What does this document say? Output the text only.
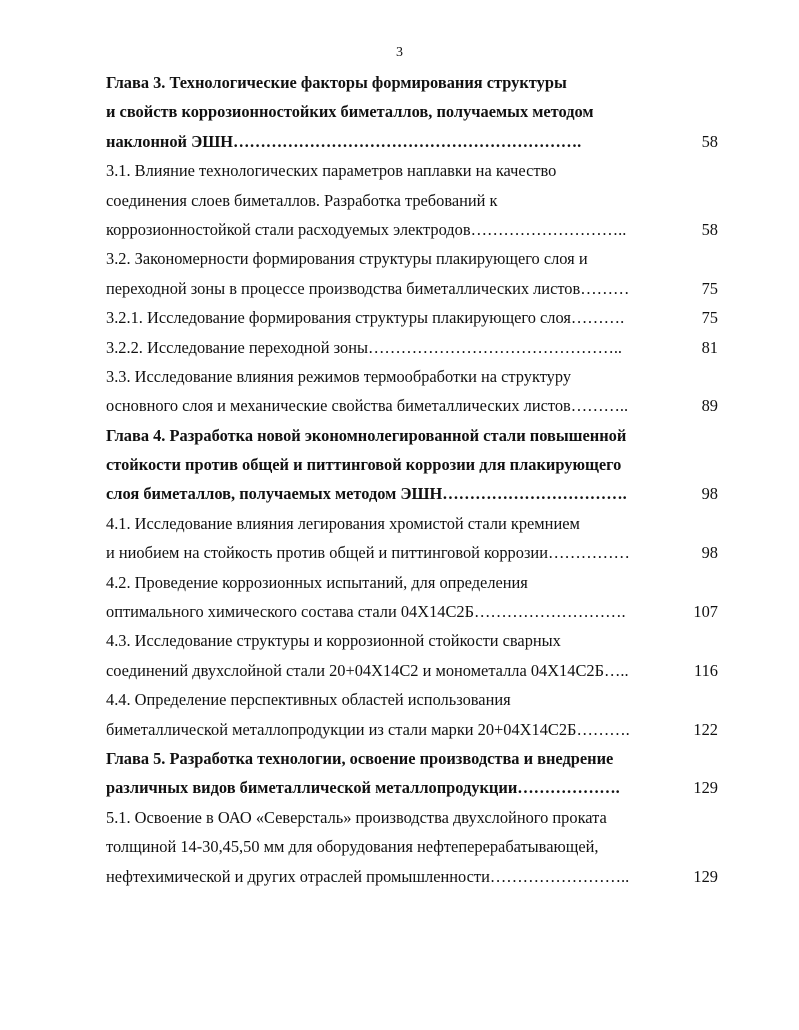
3
Глава 3. Технологические факторы формирования структуры
и свойств коррозионностойких биметаллов, получаемых методом
наклонной ЭШН……………………………………………………….	58
3.1. Влияние технологических параметров наплавки на качество
соединения слоев биметаллов. Разработка требований к
коррозионностойкой стали расходуемых электродов………………………..	58
3.2. Закономерности формирования структуры плакирующего слоя и
переходной зоны в процессе производства биметаллических листов………	75
3.2.1. Исследование формирования структуры плакирующего слоя……….	75
3.2.2. Исследование переходной зоны………………………………………..	81
3.3. Исследование влияния режимов термообработки на структуру
основного слоя и механические свойства биметаллических листов………..	89
Глава 4. Разработка новой экономнолегированной стали повышенной
стойкости против общей и питтинговой коррозии для плакирующего
слоя биметаллов, получаемых методом ЭШН…………………………….	98
4.1. Исследование влияния легирования хромистой стали кремнием
и ниобием на стойкость против общей и питтинговой коррозии……………	98
4.2. Проведение коррозионных испытаний, для определения
оптимального химического состава стали 04Х14С2Б……………………….	107
4.3. Исследование структуры и коррозионной стойкости сварных
соединений двухслойной стали 20+04Х14С2 и монометалла 04Х14С2Б…..	116
4.4. Определение перспективных областей использования
биметаллической металлопродукции из стали марки 20+04Х14С2Б……….	122
Глава 5. Разработка технологии, освоение производства и внедрение
различных видов биметаллической металлопродукции……………….	129
5.1. Освоение в ОАО «Северсталь» производства двухслойного проката
толщиной 14-30,45,50 мм для оборудования нефтеперерабатывающей,
нефтехимической и других отраслей промышленности……………………..	129
